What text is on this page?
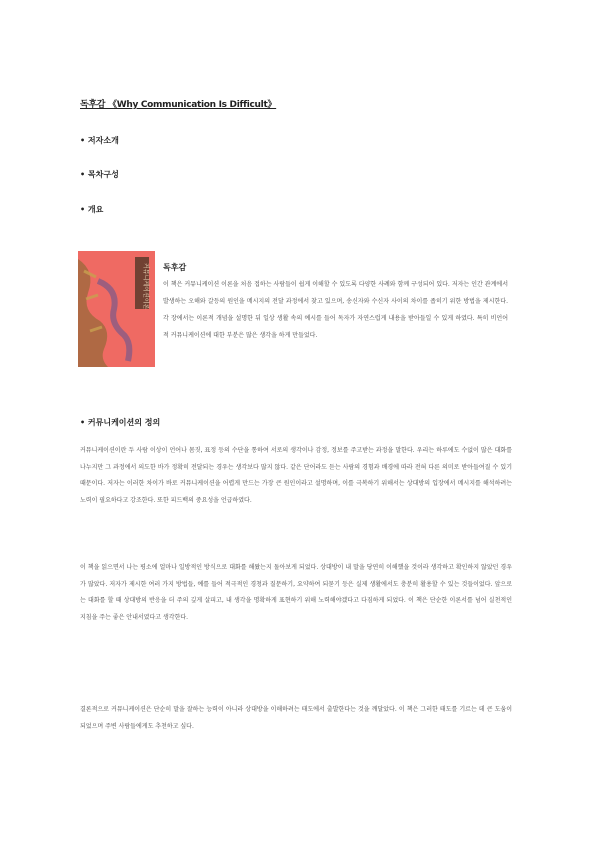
독후감 《Why Communication Is Difficult》
• 저자소개
• 목차구성
• 개요
커뮤니케이션이론 독후감

이 책은 커뮤니케이션 이론을 처음 접하는 사람들이 쉽게 이해할 수 있도록 다양한 사례와 함께 구성되어 있다. 저자는 인간 관계에서 발생하는 오해와 갈등의 원인을 메시지의 전달 과정에서 찾고 있으며, 송신자와 수신자 사이의 차이를 좁히기 위한 방법을 제시한다. 각 장에서는 이론적 개념을 설명한 뒤 일상 생활 속의 예시를 들어 독자가 자연스럽게 내용을 받아들일 수 있게 하였다. 특히 비언어적 커뮤니케이션에 대한 부분은 많은 생각을 하게 만들었다.

• 커뮤니케이션의 정의

커뮤니케이션이란 두 사람 이상이 언어나 몸짓, 표정 등의 수단을 통하여 서로의 생각이나 감정, 정보를 주고받는 과정을 말한다. 우리는 하루에도 수없이 많은 대화를 나누지만 그 과정에서 의도한 바가 정확히 전달되는 경우는 생각보다 많지 않다. 같은 단어라도 듣는 사람의 경험과 배경에 따라 전혀 다른 의미로 받아들여질 수 있기 때문이다. 저자는 이러한 차이가 바로 커뮤니케이션을 어렵게 만드는 가장 큰 원인이라고 설명하며, 이를 극복하기 위해서는 상대방의 입장에서 메시지를 해석하려는 노력이 필요하다고 강조한다. 또한 피드백의 중요성을 언급하였다.

이 책을 읽으면서 나는 평소에 얼마나 일방적인 방식으로 대화를 해왔는지 돌아보게 되었다. 상대방이 내 말을 당연히 이해했을 것이라 생각하고 확인하지 않았던 경우가 많았다. 저자가 제시한 여러 가지 방법들, 예를 들어 적극적인 경청과 질문하기, 요약하여 되묻기 등은 실제 생활에서도 충분히 활용할 수 있는 것들이었다. 앞으로는 대화를 할 때 상대방의 반응을 더 주의 깊게 살피고, 내 생각을 명확하게 표현하기 위해 노력해야겠다고 다짐하게 되었다. 이 책은 단순한 이론서를 넘어 실천적인 지침을 주는 좋은 안내서였다고 생각한다.

결론적으로 커뮤니케이션은 단순히 말을 잘하는 능력이 아니라 상대방을 이해하려는 태도에서 출발한다는 것을 깨달았다. 이 책은 그러한 태도를 기르는 데 큰 도움이 되었으며 주변 사람들에게도 추천하고 싶다.
